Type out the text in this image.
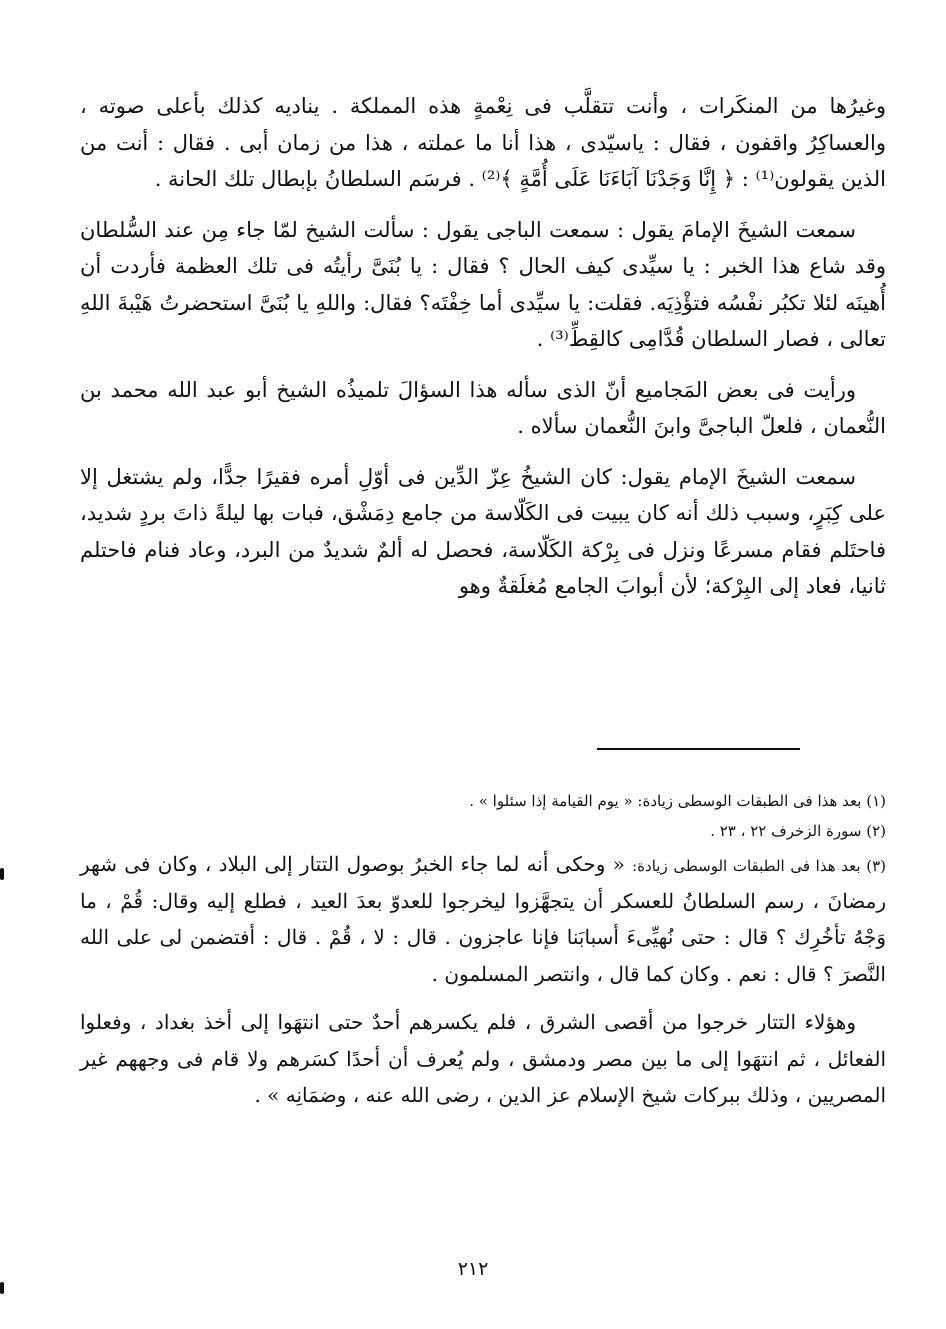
وغيرُها من المنكَرات ، وأنت تتقلَّب فى نِعْمةٍ هذه المملكة . يناديه كذلك بأعلى صوته ، والعساكِرُ واقفون ، فقال : ياسيّدى ، هذا أنا ما عملته ، هذا من زمان أبى . فقال : أنت من الذين يقولون⁽¹⁾ : ﴿ إِنَّا وَجَدْنَا آبَاءَنَا عَلَى أُمَّةٍ ﴾⁽²⁾ . فرسَم السلطانُ بإبطال تلك الحانة .

سمعت الشيخَ الإمامَ يقول : سمعت الباجى يقول : سألت الشيخ لمّا جاء مِن عند السُّلطان وقد شاع هذا الخبر : يا سيِّدى كيف الحال ؟ فقال : يا بُنَىَّ رأيتُه فى تلك العظمة فأردت أن أُهينَه لئلا تكبُر نفْسُه فتؤْذِيَه. فقلت: يا سيِّدى أما خِفْتَه؟ فقال: واللهِ يا بُنَىَّ استحضرتُ هَيْبةَ اللهِ تعالى ، فصار السلطان قُدَّامِى كالقِطِّ⁽³⁾ .

ورأيت فى بعض المَجاميع أنّ الذى سأله هذا السؤالَ تلميذُه الشيخ أبو عبد الله محمد بن النُّعمان ، فلعلّ الباجىَّ وابنَ النُّعمان سألاه .

سمعت الشيخَ الإمام يقول: كان الشيخُ عِزّ الدِّين فى أوّلِ أمره فقيرًا جدًّا، ولم يشتغل إلا على كِبَرٍ، وسبب ذلك أنه كان يبيت فى الكَلّاسة من جامع دِمَشْق، فبات بها ليلةً ذاتَ بردٍ شديد، فاحتَلم فقام مسرعًا ونزل فى بِرْكة الكَلّاسة، فحصل له ألمٌ شديدٌ من البرد، وعاد فنام فاحتلم ثانيا، فعاد إلى البِرْكة؛ لأن أبوابَ الجامع مُغلَقةٌ وهو

(١) بعد هذا فى الطبقات الوسطى زيادة: « يوم القيامة إذا سئلوا » .

(٢) سورة الزخرف ٢٢ ، ٢٣ .

(٣) بعد هذا فى الطبقات الوسطى زيادة: « وحكى أنه لما جاء الخبرُ بوصول التتار إلى البلاد ، وكان فى شهر رمضانَ ، رسم السلطانُ للعسكر أن يتجهَّزوا ليخرجوا للعدوّ بعدَ العيد ، فطلع إليه وقال: قُمْ ، ما وَجْهُ تأخُرِك ؟ قال : حتى نُهيِّىءَ أسبابَنا فإنا عاجزون . قال : لا ، قُمْ . قال : أفتضمن لى على الله النَّصرَ ؟ قال : نعم . وكان كما قال ، وانتصر المسلمون .

وهؤلاء التتار خرجوا من أقصى الشرق ، فلم يكسرهم أحدٌ حتى انتهَوا إلى أخذ بغداد ، وفعلوا الفعائل ، ثم انتهَوا إلى ما بين مصر ودمشق ، ولم يُعرف أن أحدًا كسَرهم ولا قام فى وجههم غير المصريين ، وذلك ببركات شيخ الإسلام عز الدين ، رضى الله عنه ، وضمَانِه » .

٢١٢
